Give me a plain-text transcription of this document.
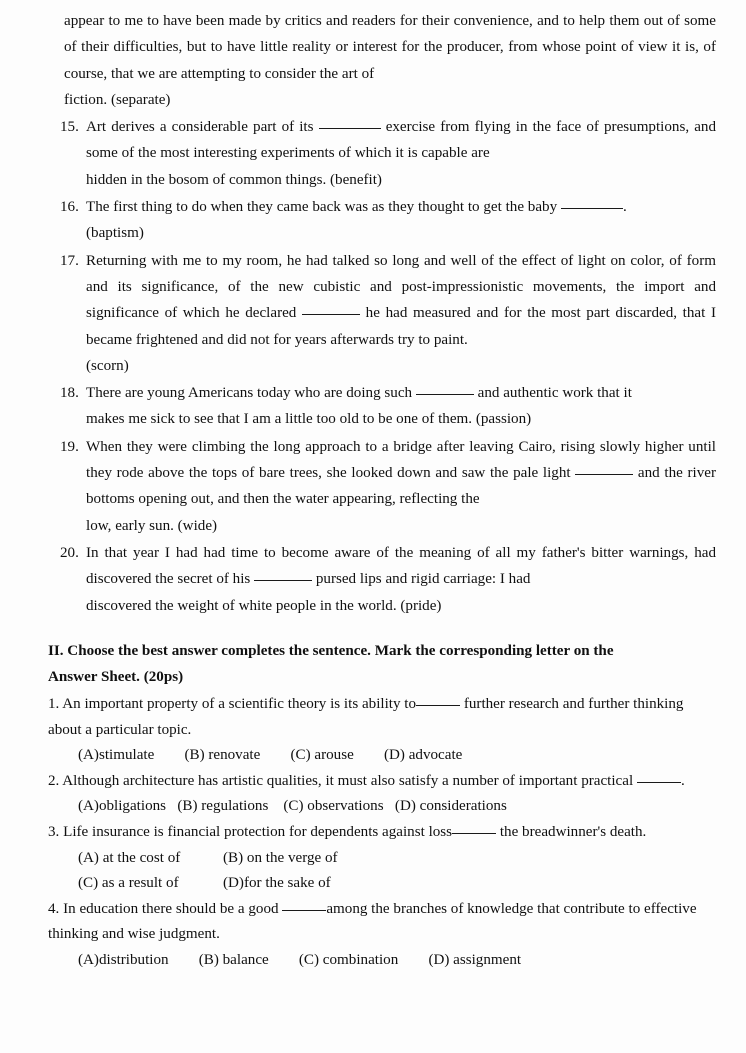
appear to me to have been made by critics and readers for their convenience, and to help them out of some of their difficulties, but to have little reality or interest for the producer, from whose point of view it is, of course, that we are attempting to consider the art of
fiction. (separate)

15. Art derives a considerable part of its	exercise from flying in the face of presumptions, and some of the most interesting experiments of which it is capable are
hidden in the bosom of common things. (benefit)
16. The first thing to do when they came back was as they thought to get the baby	.
(baptism)
17. Returning with me to my room, he had talked so long and well of the effect of light on color, of form and its significance, of the new cubistic and post-impressionistic movements, the import and significance of which he declared	he had measured and for the most part discarded, that I became frightened and did not for years afterwards try to paint.
(scorn)
18. There are young Americans today who are doing such	and authentic work that it
makes me sick to see that I am a little too old to be one of them. (passion)
19. When they were climbing the long approach to a bridge after leaving Cairo, rising slowly higher until they rode above the tops of bare trees, she looked down and saw the pale light	and the river bottoms opening out, and then the water appearing, reflecting the
low, early sun. (wide)
20. In that year I had had time to become aware of the meaning of all my father's bitter warnings, had discovered the secret of his	pursed lips and rigid carriage: I had
discovered the weight of white people in the world. (pride)
II. Choose the best answer completes the sentence. Mark the corresponding letter on the
Answer Sheet. (20ps)

1. An important property of a scientific theory is its ability to	further research and further thinking about a particular topic.

(A)stimulate        (B) renovate        (C) arouse        (D) advocate

2. Although architecture has artistic qualities, it must also satisfy a number of important practical	.

(A)obligations   (B) regulations    (C) observations   (D) considerations

3. Life insurance is financial protection for dependents against loss	the breadwinner's death.

(A) at the cost of	(B) on the verge of
(C) as a result of	(D)for the sake of

4. In education there should be a good	among the branches of knowledge that contribute to effective thinking and wise judgment.

(A)distribution        (B) balance        (C) combination        (D) assignment
